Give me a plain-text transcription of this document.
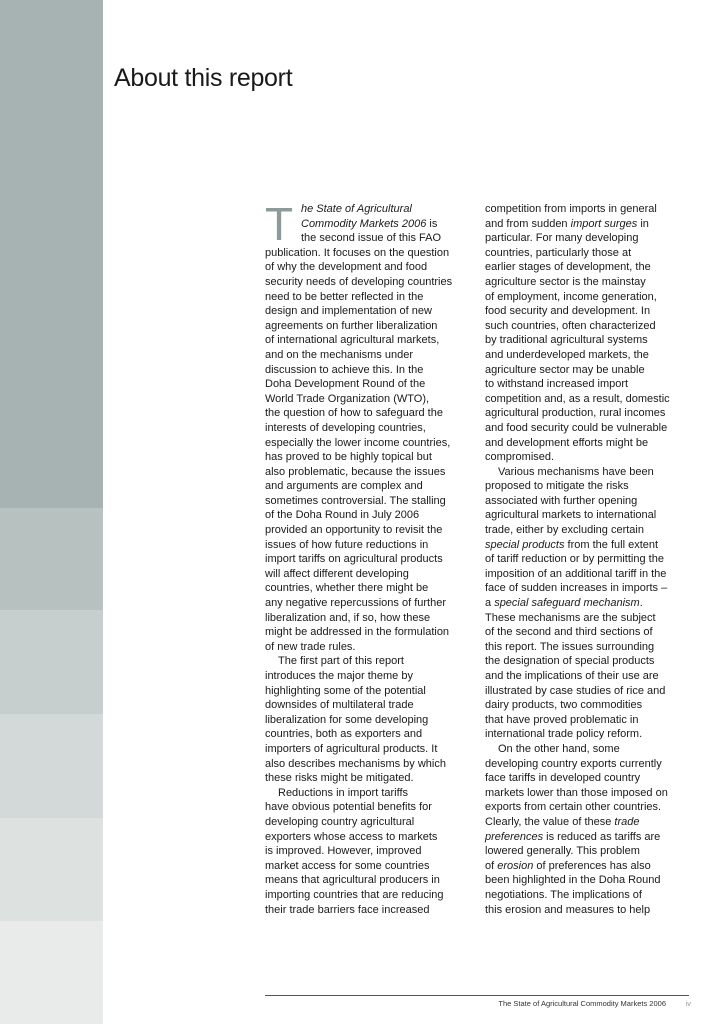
About this report
T he State of Agricultural
Commodity Markets 2006 is
the second issue of this FAO
publication. It focuses on the question
of why the development and food
security needs of developing countries
need to be better reflected in the
design and implementation of new
agreements on further liberalization
of international agricultural markets,
and on the mechanisms under
discussion to achieve this. In the
Doha Development Round of the
World Trade Organization (WTO),
the question of how to safeguard the
interests of developing countries,
especially the lower income countries,
has proved to be highly topical but
also problematic, because the issues
and arguments are complex and
sometimes controversial. The stalling
of the Doha Round in July 2006
provided an opportunity to revisit the
issues of how future reductions in
import tariffs on agricultural products
will affect different developing
countries, whether there might be
any negative repercussions of further
liberalization and, if so, how these
might be addressed in the formulation
of new trade rules.
The first part of this report
introduces the major theme by
highlighting some of the potential
downsides of multilateral trade
liberalization for some developing
countries, both as exporters and
importers of agricultural products. It
also describes mechanisms by which
these risks might be mitigated.
Reductions in import tariffs
have obvious potential benefits for
developing country agricultural
exporters whose access to markets
is improved. However, improved
market access for some countries
means that agricultural producers in
importing countries that are reducing
their trade barriers face increased
competition from imports in general
and from sudden import surges in
particular. For many developing
countries, particularly those at
earlier stages of development, the
agriculture sector is the mainstay
of employment, income generation,
food security and development. In
such countries, often characterized
by traditional agricultural systems
and underdeveloped markets, the
agriculture sector may be unable
to withstand increased import
competition and, as a result, domestic
agricultural production, rural incomes
and food security could be vulnerable
and development efforts might be
compromised.
Various mechanisms have been
proposed to mitigate the risks
associated with further opening
agricultural markets to international
trade, either by excluding certain
special products from the full extent
of tariff reduction or by permitting the
imposition of an additional tariff in the
face of sudden increases in imports –
a special safeguard mechanism.
These mechanisms are the subject
of the second and third sections of
this report. The issues surrounding
the designation of special products
and the implications of their use are
illustrated by case studies of rice and
dairy products, two commodities
that have proved problematic in
international trade policy reform.
On the other hand, some
developing country exports currently
face tariffs in developed country
markets lower than those imposed on
exports from certain other countries.
Clearly, the value of these trade
preferences is reduced as tariffs are
lowered generally. This problem
of erosion of preferences has also
been highlighted in the Doha Round
negotiations. The implications of
this erosion and measures to help
The State of Agricultural Commodity Markets 2006	iv
